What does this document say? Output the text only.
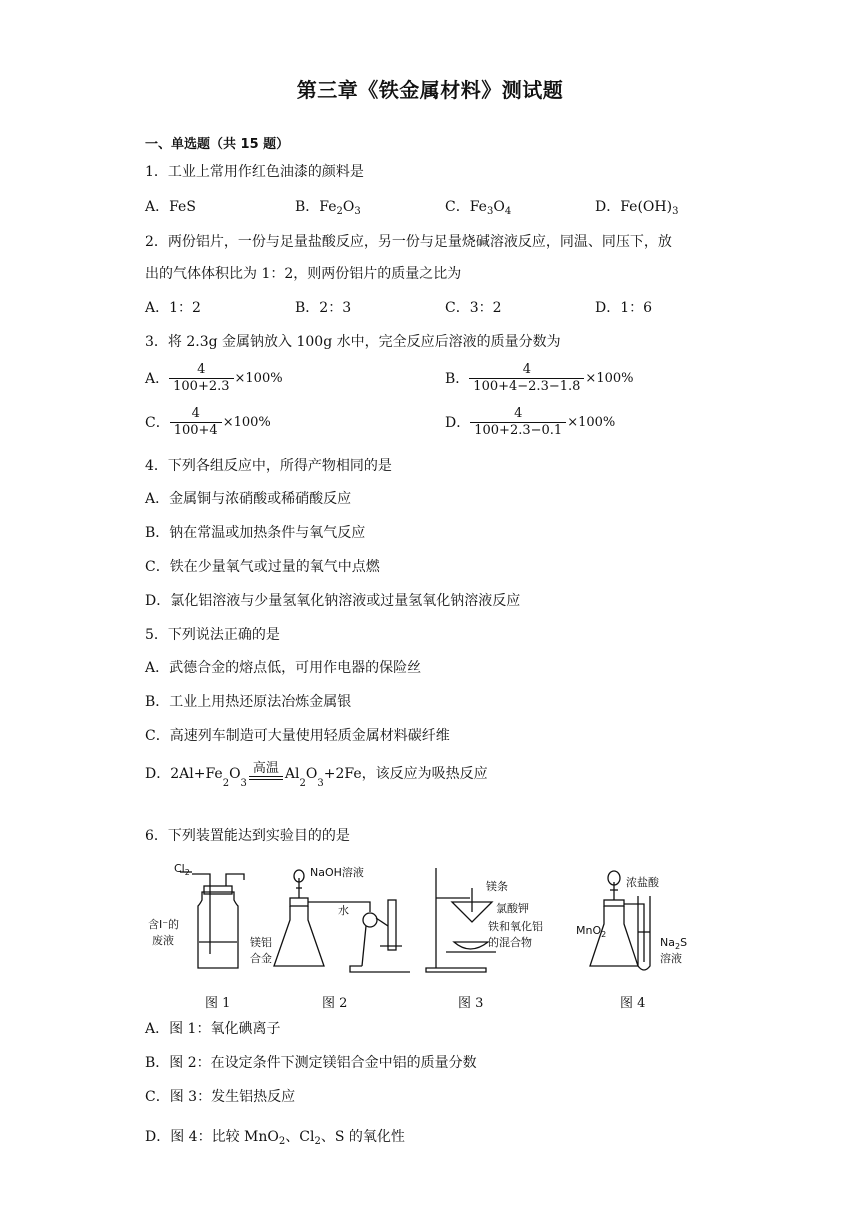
第三章《铁金属材料》测试题
一、单选题（共 15 题）
1．工业上常用作红色油漆的颜料是
A．FeS	B．$Fe_2O_3$	C．$Fe_3O_4$	D．$Fe(OH)_3$
2．两份铝片，一份与足量盐酸反应，另一份与足量烧碱溶液反应，同温、同压下，放
出的气体体积比为 1：2，则两份铝片的质量之比为
A．1：2	B．2：3	C．3：2	D．1：6
3．将 2.3g 金属钠放入 100g 水中，完全反应后溶液的质量分数为
A． $\frac{4}{100+2.3} \times 100\%$	B． $\frac{4}{100+4-2.3-1.8} \times 100\%$
C． $\frac{4}{100+4} \times 100\%$	D． $\frac{4}{100+2.3-0.1} \times 100\%$
4．下列各组反应中，所得产物相同的是
A．金属铜与浓硝酸或稀硝酸反应
B．钠在常温或加热条件与氧气反应
C．铁在少量氧气或过量的氧气中点燃
D．氯化铝溶液与少量氢氧化钠溶液或过量氢氧化钠溶液反应
5．下列说法正确的是
A．武德合金的熔点低，可用作电器的保险丝
B．工业上用热还原法冶炼金属银
C．高速列车制造可大量使用轻质金属材料碳纤维
D．2Al+Fe
2
O
3
高温 Al
2
O
3
+2Fe，该反应为吸热反应
6．下列装置能达到实验目的的是
$Cl_2$
含I⁻的
废液
NaOH溶液
镁铝
合金
水
镁条
氯酸钾
铁和氧化铝
的混合物
浓盐酸
MnO$_2$
$Na_2S$
溶液
图 1	图 2	图 3	图 4
A．图 1：氧化碘离子
B．图 2：在设定条件下测定镁铝合金中铝的质量分数
C．图 3：发生铝热反应
D．图 4：比较 MnO$_2$、$Cl_2$、S 的氧化性
